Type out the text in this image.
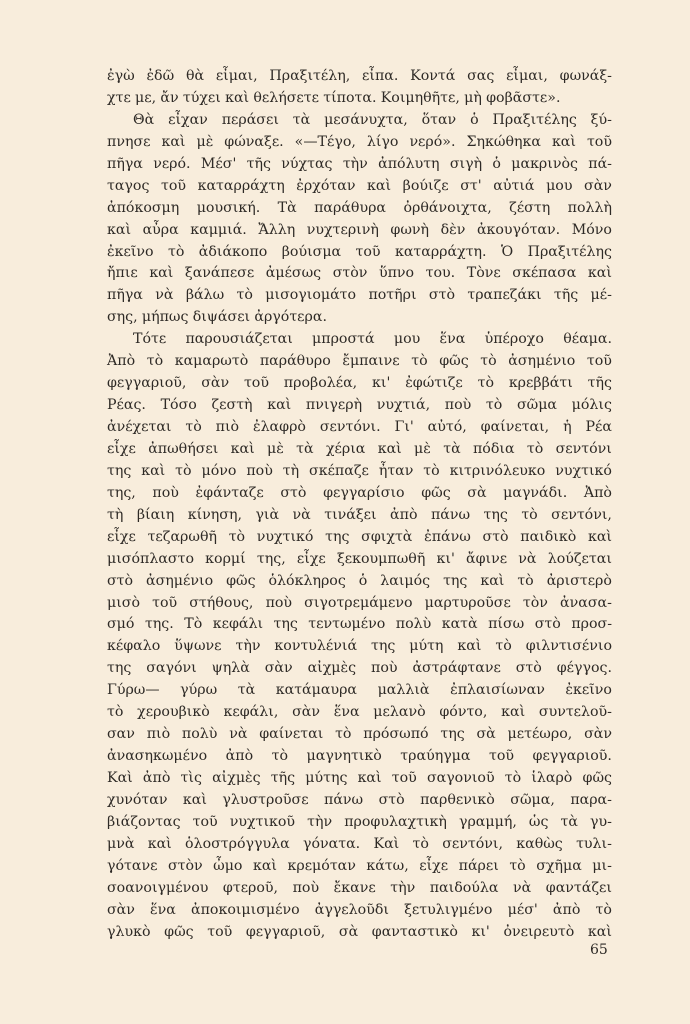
ἐγὼ ἐδῶ θὰ εἶμαι, Πραξιτέλη, εἶπα. Κοντά σας εἶμαι, φωνάξ-
χτε με, ἄν τύχει καὶ θελήσετε τίποτα. Κοιμηθῆτε, μὴ φοβᾶστε».
Θὰ εἶχαν περάσει τὰ μεσάνυχτα, ὅταν ὁ Πραξιτέλης ξύ-
πνησε καὶ μὲ φώναξε. «—Τέγο, λίγο νερό». Σηκώθηκα καὶ τοῦ
πῆγα νερό. Μέσ' τῆς νύχτας τὴν ἀπόλυτη σιγὴ ὁ μακρινὸς πά-
ταγος τοῦ καταρράχτη ἐρχόταν καὶ βούιζε στ' αὐτιά μου σὰν
ἀπόκοσμη μουσική. Τὰ παράθυρα ὀρθάνοιχτα, ζέστη πολλὴ
καὶ αὖρα καμμιά. Ἄλλη νυχτερινὴ φωνὴ δὲν ἀκουγόταν. Μόνο
ἐκεῖνο τὸ ἀδιάκοπο βούισμα τοῦ καταρράχτη. Ὁ Πραξιτέλης
ἤπιε καὶ ξανάπεσε ἀμέσως στὸν ὕπνο του. Τὸνε σκέπασα καὶ
πῆγα νὰ βάλω τὸ μισογιομάτο ποτῆρι στὸ τραπεζάκι τῆς μέ-
σης, μήπως διψάσει ἀργότερα.
Τότε παρουσιάζεται μπροστά μου ἕνα ὑπέροχο θέαμα.
Ἀπὸ τὸ καμαρωτὸ παράθυρο ἔμπαινε τὸ φῶς τὸ ἀσημένιο τοῦ
φεγγαριοῦ, σὰν τοῦ προβολέα, κι' ἐφώτιζε τὸ κρεββάτι τῆς
Ρέας. Τόσο ζεστὴ καὶ πνιγερὴ νυχτιά, ποὺ τὸ σῶμα μόλις
ἀνέχεται τὸ πιὸ ἐλαφρὸ σεντόνι. Γι' αὐτό, φαίνεται, ἡ Ρέα
εἶχε ἀπωθήσει καὶ μὲ τὰ χέρια καὶ μὲ τὰ πόδια τὸ σεντόνι
της καὶ τὸ μόνο ποὺ τὴ σκέπαζε ἦταν τὸ κιτρινόλευκο νυχτικό
της, ποὺ ἐφάνταζε στὸ φεγγαρίσιο φῶς σὰ μαγνάδι. Ἀπὸ
τὴ βίαιη κίνηση, γιὰ νὰ τινάξει ἀπὸ πάνω της τὸ σεντόνι,
εἶχε τεζαρωθῆ τὸ νυχτικό της σφιχτὰ ἐπάνω στὸ παιδικὸ καὶ
μισόπλαστο κορμί της, εἶχε ξεκουμπωθῆ κι' ἄφινε νὰ λούζεται
στὸ ἀσημένιο φῶς ὁλόκληρος ὁ λαιμός της καὶ τὸ ἀριστερὸ
μισὸ τοῦ στήθους, ποὺ σιγοτρεμάμενο μαρτυροῦσε τὸν ἀνασα-
σμό της. Τὸ κεφάλι της τεντωμένο πολὺ κατὰ πίσω στὸ προσ-
κέφαλο ὕψωνε τὴν κοντυλένιά της μύτη καὶ τὸ φιλντισένιο
της σαγόνι ψηλὰ σὰν αἰχμὲς ποὺ ἀστράφτανε στὸ φέγγος.
Γύρω— γύρω τὰ κατάμαυρα μαλλιὰ ἐπλαισίωναν ἐκεῖνο
τὸ χερουβικὸ κεφάλι, σὰν ἕνα μελανὸ φόντο, καὶ συντελοῦ-
σαν πιὸ πολὺ νὰ φαίνεται τὸ πρόσωπό της σὰ μετέωρο, σὰν
ἀνασηκωμένο ἀπὸ τὸ μαγνητικὸ τραύηγμα τοῦ φεγγαριοῦ.
Καὶ ἀπὸ τὶς αἰχμὲς τῆς μύτης καὶ τοῦ σαγονιοῦ τὸ ἱλαρὸ φῶς
χυνόταν καὶ γλυστροῦσε πάνω στὸ παρθενικὸ σῶμα, παρα-
βιάζοντας τοῦ νυχτικοῦ τὴν προφυλαχτικὴ γραμμή, ὡς τὰ γυ-
μνὰ καὶ ὁλοστρόγγυλα γόνατα. Καὶ τὸ σεντόνι, καθὼς τυλι-
γότανε στὸν ὦμο καὶ κρεμόταν κάτω, εἶχε πάρει τὸ σχῆμα μι-
σοανοιγμένου φτεροῦ, ποὺ ἔκανε τὴν παιδούλα νὰ φαντάζει
σὰν ἕνα ἀποκοιμισμένο ἀγγελοῦδι ξετυλιγμένο μέσ' ἀπὸ τὸ
γλυκὸ φῶς τοῦ φεγγαριοῦ, σὰ φανταστικὸ κι' ὀνειρευτὸ καὶ
65
